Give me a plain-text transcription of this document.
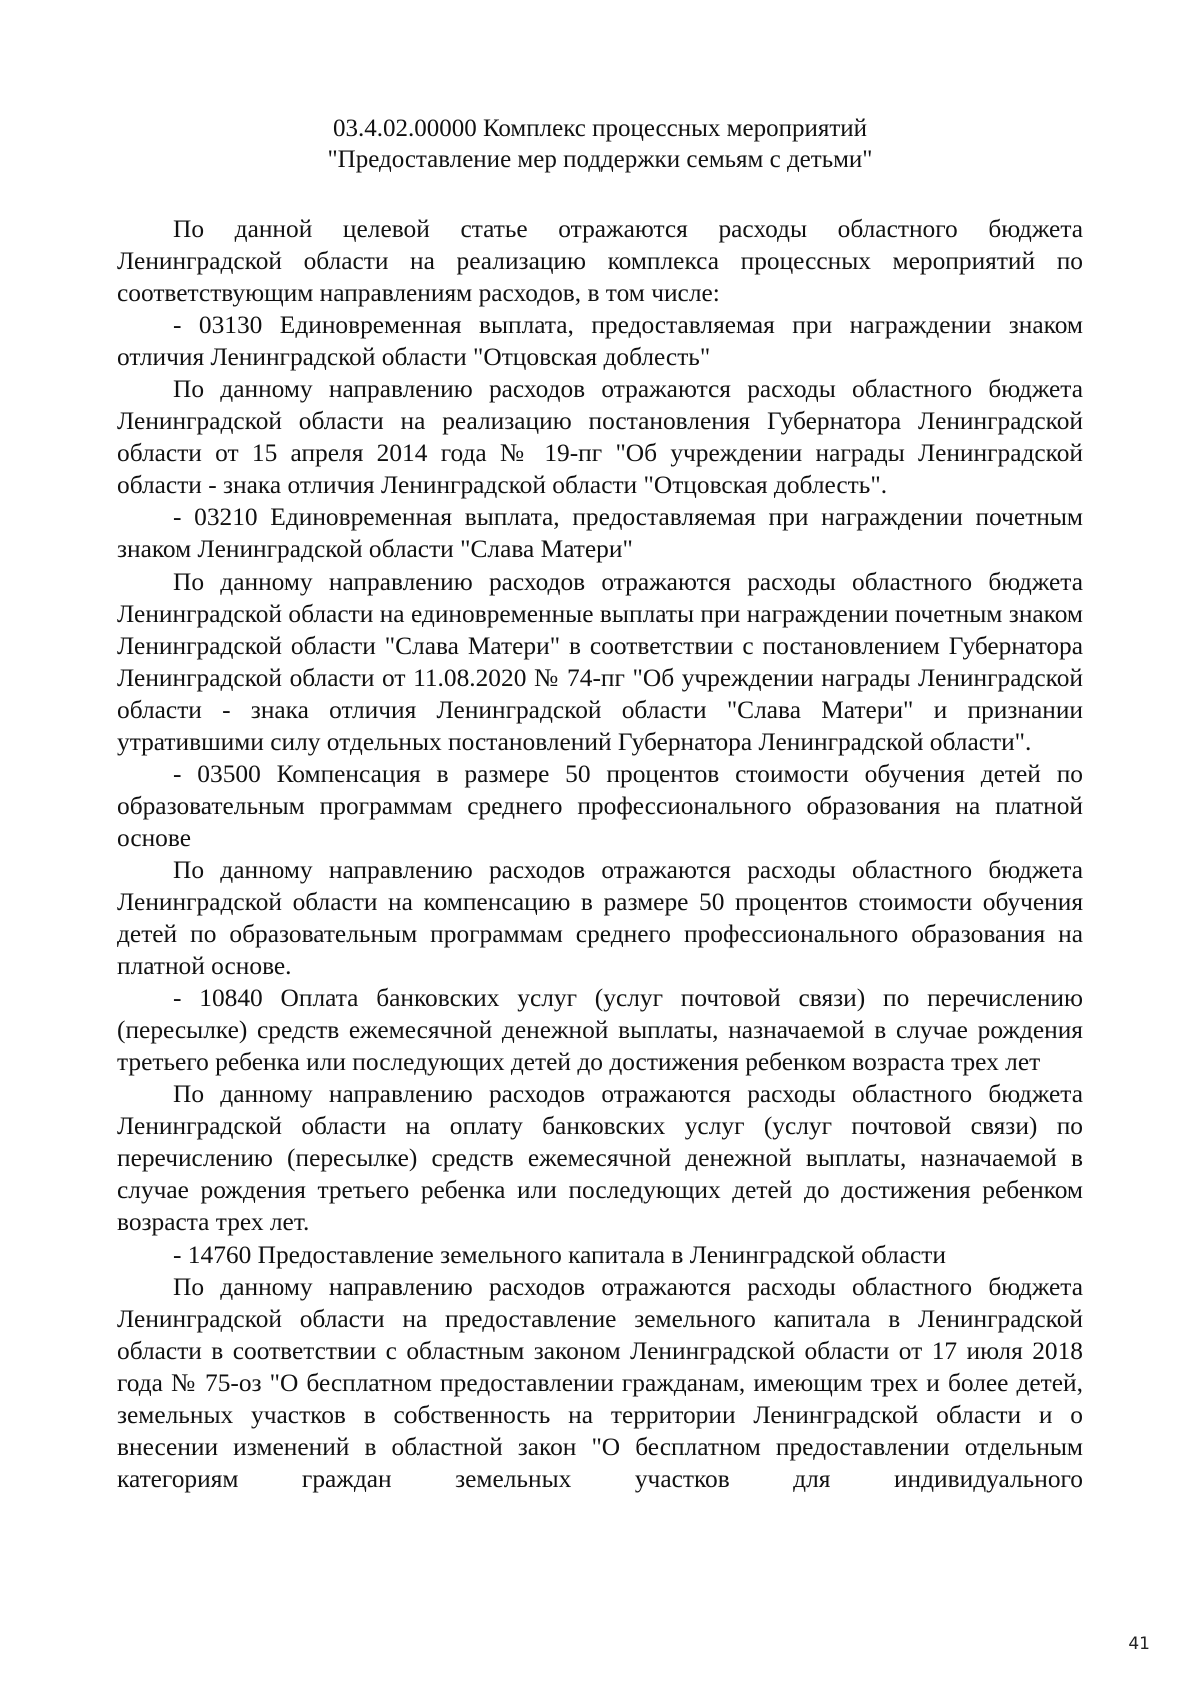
03.4.02.00000 Комплекс процессных мероприятий
"Предоставление мер поддержки семьям с детьми"

По данной целевой статье отражаются расходы областного бюджета Ленинградской области на реализацию комплекса процессных мероприятий по соответствующим направлениям расходов, в том числе:

- 03130 Единовременная выплата, предоставляемая при награждении знаком отличия Ленинградской области "Отцовская доблесть"

По данному направлению расходов отражаются расходы областного бюджета Ленинградской области на реализацию постановления Губернатора Ленинградской области от 15 апреля 2014 года № 19-пг "Об учреждении награды Ленинградской области - знака отличия Ленинградской области "Отцовская доблесть".

- 03210 Единовременная выплата, предоставляемая при награждении почетным знаком Ленинградской области "Слава Матери"

По данному направлению расходов отражаются расходы областного бюджета Ленинградской области на единовременные выплаты при награждении почетным знаком Ленинградской области "Слава Матери" в соответствии с постановлением Губернатора Ленинградской области от 11.08.2020 № 74-пг "Об учреждении награды Ленинградской области - знака отличия Ленинградской области "Слава Матери" и признании утратившими силу отдельных постановлений Губернатора Ленинградской области".

- 03500 Компенсация в размере 50 процентов стоимости обучения детей по образовательным программам среднего профессионального образования на платной основе

По данному направлению расходов отражаются расходы областного бюджета Ленинградской области на компенсацию в размере 50 процентов стоимости обучения детей по образовательным программам среднего профессионального образования на платной основе.

- 10840 Оплата банковских услуг (услуг почтовой связи) по перечислению (пересылке) средств ежемесячной денежной выплаты, назначаемой в случае рождения третьего ребенка или последующих детей до достижения ребенком возраста трех лет

По данному направлению расходов отражаются расходы областного бюджета Ленинградской области на оплату банковских услуг (услуг почтовой связи) по перечислению (пересылке) средств ежемесячной денежной выплаты, назначаемой в случае рождения третьего ребенка или последующих детей до достижения ребенком возраста трех лет.

- 14760 Предоставление земельного капитала в Ленинградской области

По данному направлению расходов отражаются расходы областного бюджета Ленинградской области на предоставление земельного капитала в Ленинградской области в соответствии с областным законом Ленинградской области от 17 июля 2018 года № 75-оз "О бесплатном предоставлении гражданам, имеющим трех и более детей, земельных участков в собственность на территории Ленинградской области и о внесении изменений в областной закон "О бесплатном предоставлении отдельным категориям граждан земельных участков для индивидуального

41
